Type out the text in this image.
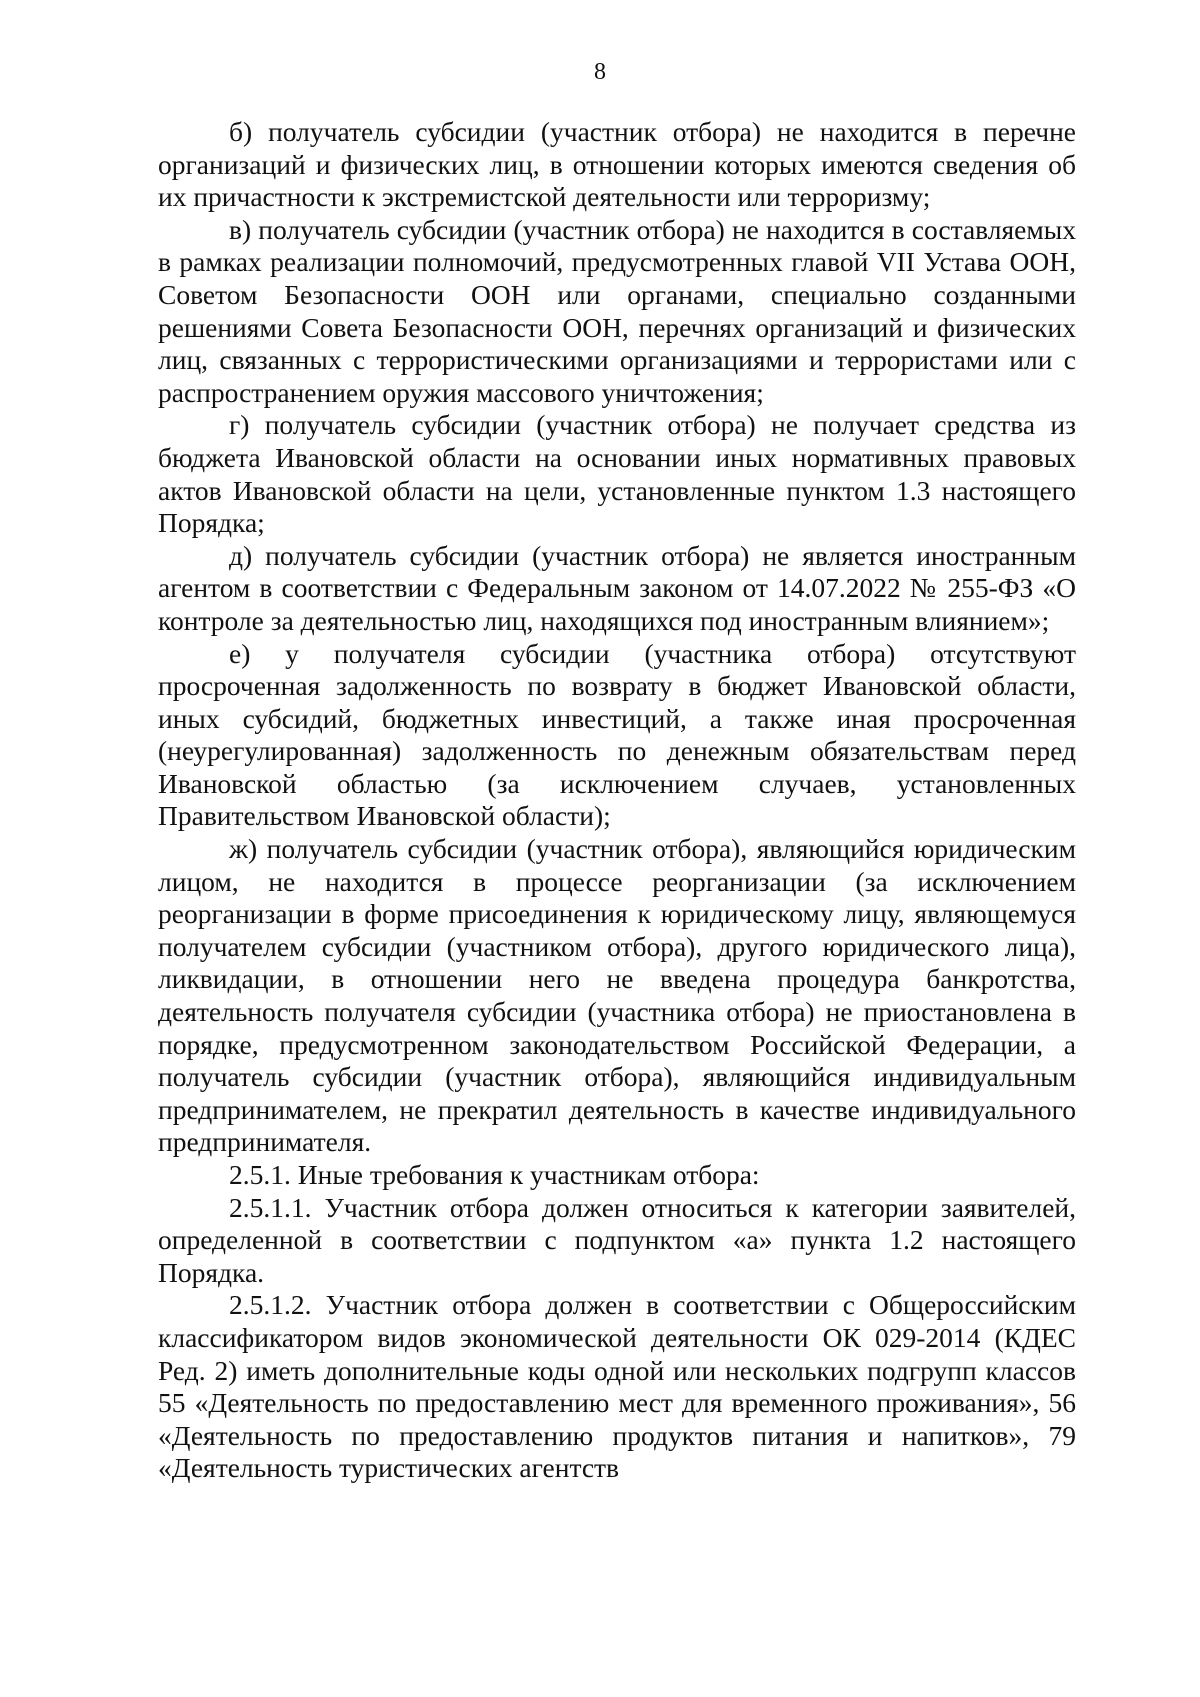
8

б) получатель субсидии (участник отбора) не находится в перечне организаций и физических лиц, в отношении которых имеются сведения об их причастности к экстремистской деятельности или терроризму;

в) получатель субсидии (участник отбора) не находится в составляемых в рамках реализации полномочий, предусмотренных главой VII Устава ООН, Советом Безопасности ООН или органами, специально созданными решениями Совета Безопасности ООН, перечнях организаций и физических лиц, связанных с террористическими организациями и террористами или с распространением оружия массового уничтожения;

г) получатель субсидии (участник отбора) не получает средства из бюджета Ивановской области на основании иных нормативных правовых актов Ивановской области на цели, установленные пунктом 1.3 настоящего Порядка;

д) получатель субсидии (участник отбора) не является иностранным агентом в соответствии с Федеральным законом от 14.07.2022 № 255-ФЗ «О контроле за деятельностью лиц, находящихся под иностранным влиянием»;

е) у получателя субсидии (участника отбора) отсутствуют просроченная задолженность по возврату в бюджет Ивановской области, иных субсидий, бюджетных инвестиций, а также иная просроченная (неурегулированная) задолженность по денежным обязательствам перед Ивановской областью (за исключением случаев, установленных Правительством Ивановской области);

ж) получатель субсидии (участник отбора), являющийся юридическим лицом, не находится в процессе реорганизации (за исключением реорганизации в форме присоединения к юридическому лицу, являющемуся получателем субсидии (участником отбора), другого юридического лица), ликвидации, в отношении него не введена процедура банкротства, деятельность получателя субсидии (участника отбора) не приостановлена в порядке, предусмотренном законодательством Российской Федерации, а получатель субсидии (участник отбора), являющийся индивидуальным предпринимателем, не прекратил деятельность в качестве индивидуального предпринимателя.

2.5.1. Иные требования к участникам отбора:

2.5.1.1. Участник отбора должен относиться к категории заявителей, определенной в соответствии с подпунктом «а» пункта 1.2 настоящего Порядка.

2.5.1.2. Участник отбора должен в соответствии с Общероссийским классификатором видов экономической деятельности ОК 029-2014 (КДЕС Ред. 2) иметь дополнительные коды одной или нескольких подгрупп классов 55 «Деятельность по предоставлению мест для временного проживания», 56 «Деятельность по предоставлению продуктов питания и напитков», 79 «Деятельность туристических агентств
